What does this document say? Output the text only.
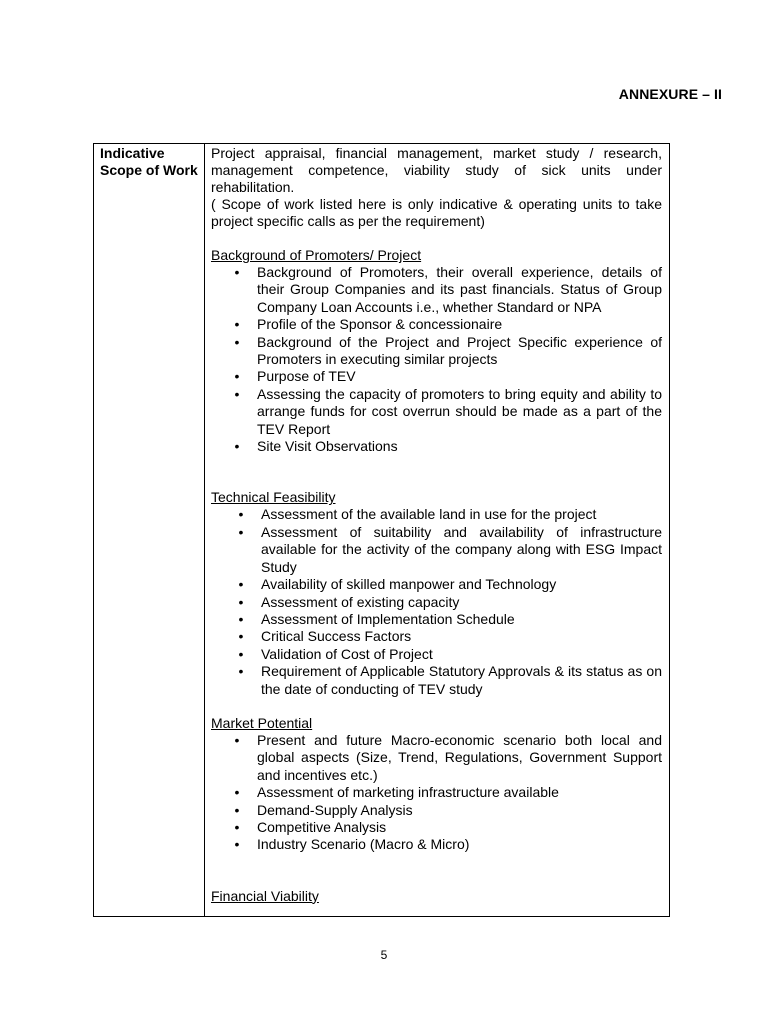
ANNEXURE – II
Indicative Scope of Work

Project appraisal, financial management, market study / research, management competence, viability study of sick units under rehabilitation.

( Scope of work listed here is only indicative & operating units to take project specific calls as per the requirement)

Background of Promoters/ Project

• Background of Promoters, their overall experience, details of their Group Companies and its past financials. Status of Group Company Loan Accounts i.e., whether Standard or NPA
• Profile of the Sponsor & concessionaire
• Background of the Project and Project Specific experience of Promoters in executing similar projects
• Purpose of TEV
• Assessing the capacity of promoters to bring equity and ability to arrange funds for cost overrun should be made as a part of the TEV Report
• Site Visit Observations

Technical Feasibility

• Assessment of the available land in use for the project
• Assessment of suitability and availability of infrastructure available for the activity of the company along with ESG Impact Study
• Availability of skilled manpower and Technology
• Assessment of existing capacity
• Assessment of Implementation Schedule
• Critical Success Factors
• Validation of Cost of Project
• Requirement of Applicable Statutory Approvals & its status as on the date of conducting of TEV study

Market Potential

• Present and future Macro-economic scenario both local and global aspects (Size, Trend, Regulations, Government Support and incentives etc.)
• Assessment of marketing infrastructure available
• Demand-Supply Analysis
• Competitive Analysis
• Industry Scenario (Macro & Micro)

Financial Viability

5
